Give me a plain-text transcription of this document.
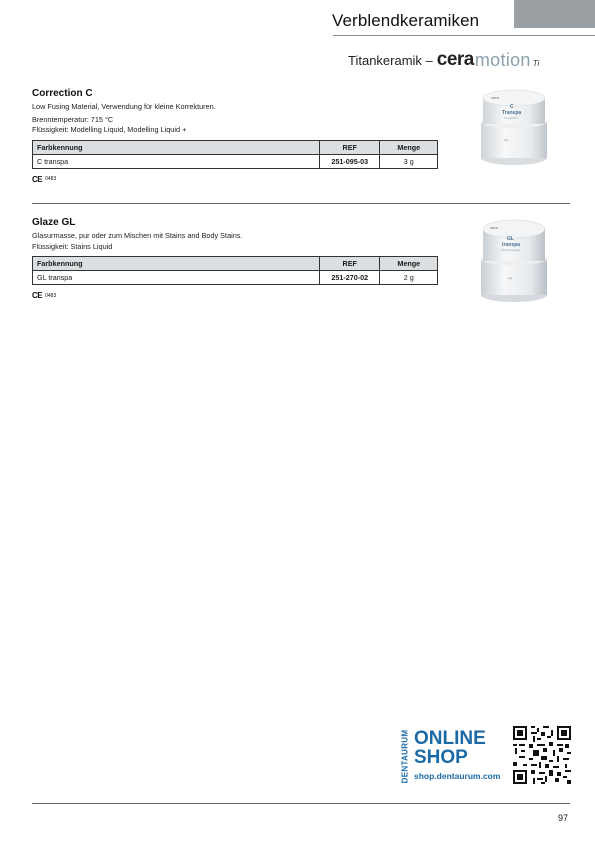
Verblendkeramiken
Titankeramik – cera motion Ti
Correction C
Low Fusing Material, Verwendung für kleine Korrekturen.
Brenntemperatur: 715 °C
Flüssigkeit: Modelling Liquid, Modelling Liquid +
Farbkennung	REF	Menge
C transpa	251-095-03	3 g
CE 0483
cera
C
Transpa
Correction
3 g
Glaze GL
Glasurmasse, pur oder zum Mischen mit Stains and Body Stains.
Flüssigkeit: Stains Liquid
Farbkennung	REF	Menge
GL transpa	251-270-02	2 g
CE 0483
cera
GL
transpa
Glaze transpa
2 g
DENTAURUM ONLINE
SHOP
shop.dentaurum.com
97
